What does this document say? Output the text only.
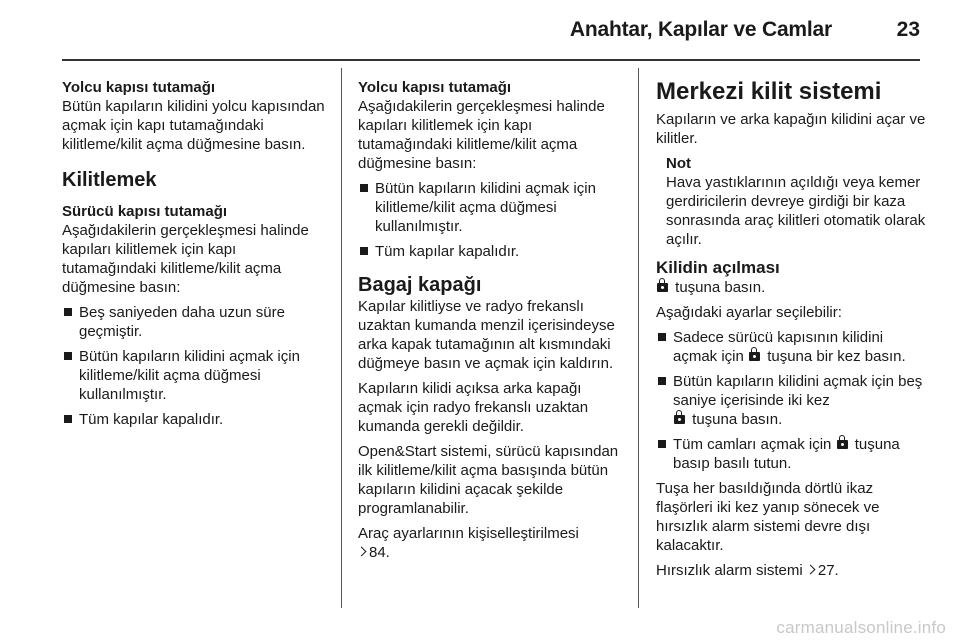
Anahtar, Kapılar ve Camlar	23

Yolcu kapısı tutamağı

Bütün kapıların kilidini yolcu kapısından açmak için kapı tutamağındaki kilitleme/kilit açma düğmesine basın.

Kilitlemek

Sürücü kapısı tutamağı

Aşağıdakilerin gerçekleşmesi halinde kapıları kilitlemek için kapı tutamağındaki kilitleme/kilit açma düğmesine basın:

Beş saniyeden daha uzun süre geçmiştir.
Bütün kapıların kilidini açmak için kilitleme/kilit açma düğmesi kullanılmıştır.
Tüm kapılar kapalıdır.

Yolcu kapısı tutamağı

Aşağıdakilerin gerçekleşmesi halinde kapıları kilitlemek için kapı tutamağındaki kilitleme/kilit açma düğmesine basın:

Bütün kapıların kilidini açmak için kilitleme/kilit açma düğmesi kullanılmıştır.
Tüm kapılar kapalıdır.
Bagaj kapağı

Kapılar kilitliyse ve radyo frekanslı uzaktan kumanda menzil içerisindeyse arka kapak tutamağının alt kısmındaki düğmeye basın ve açmak için kaldırın.

Kapıların kilidi açıksa arka kapağı açmak için radyo frekanslı uzaktan kumanda gerekli değildir.

Open&Start sistemi, sürücü kapısından ilk kilitleme/kilit açma basışında bütün kapıların kilidini açacak şekilde programlanabilir.

Araç ayarlarının kişiselleştirilmesi
84.

Merkezi kilit sistemi

Kapıların ve arka kapağın kilidini açar ve kilitler.

Not
Hava yastıklarının açıldığı veya kemer gerdiricilerin devreye girdiği bir kaza sonrasında araç kilitleri otomatik olarak açılır.
Kilidin açılması

tuşuna basın.

Aşağıdaki ayarlar seçilebilir:

Sadece sürücü kapısının kilidini açmak için tuşuna bir kez basın.
Bütün kapıların kilidini açmak için beş saniye içerisinde iki kez
tuşuna basın.
Tüm camları açmak için tuşuna basıp basılı tutun.

Tuşa her basıldığında dörtlü ikaz flaşörleri iki kez yanıp sönecek ve hırsızlık alarm sistemi devre dışı kalacaktır.

Hırsızlık alarm sistemi 27.

carmanualsonline.info
